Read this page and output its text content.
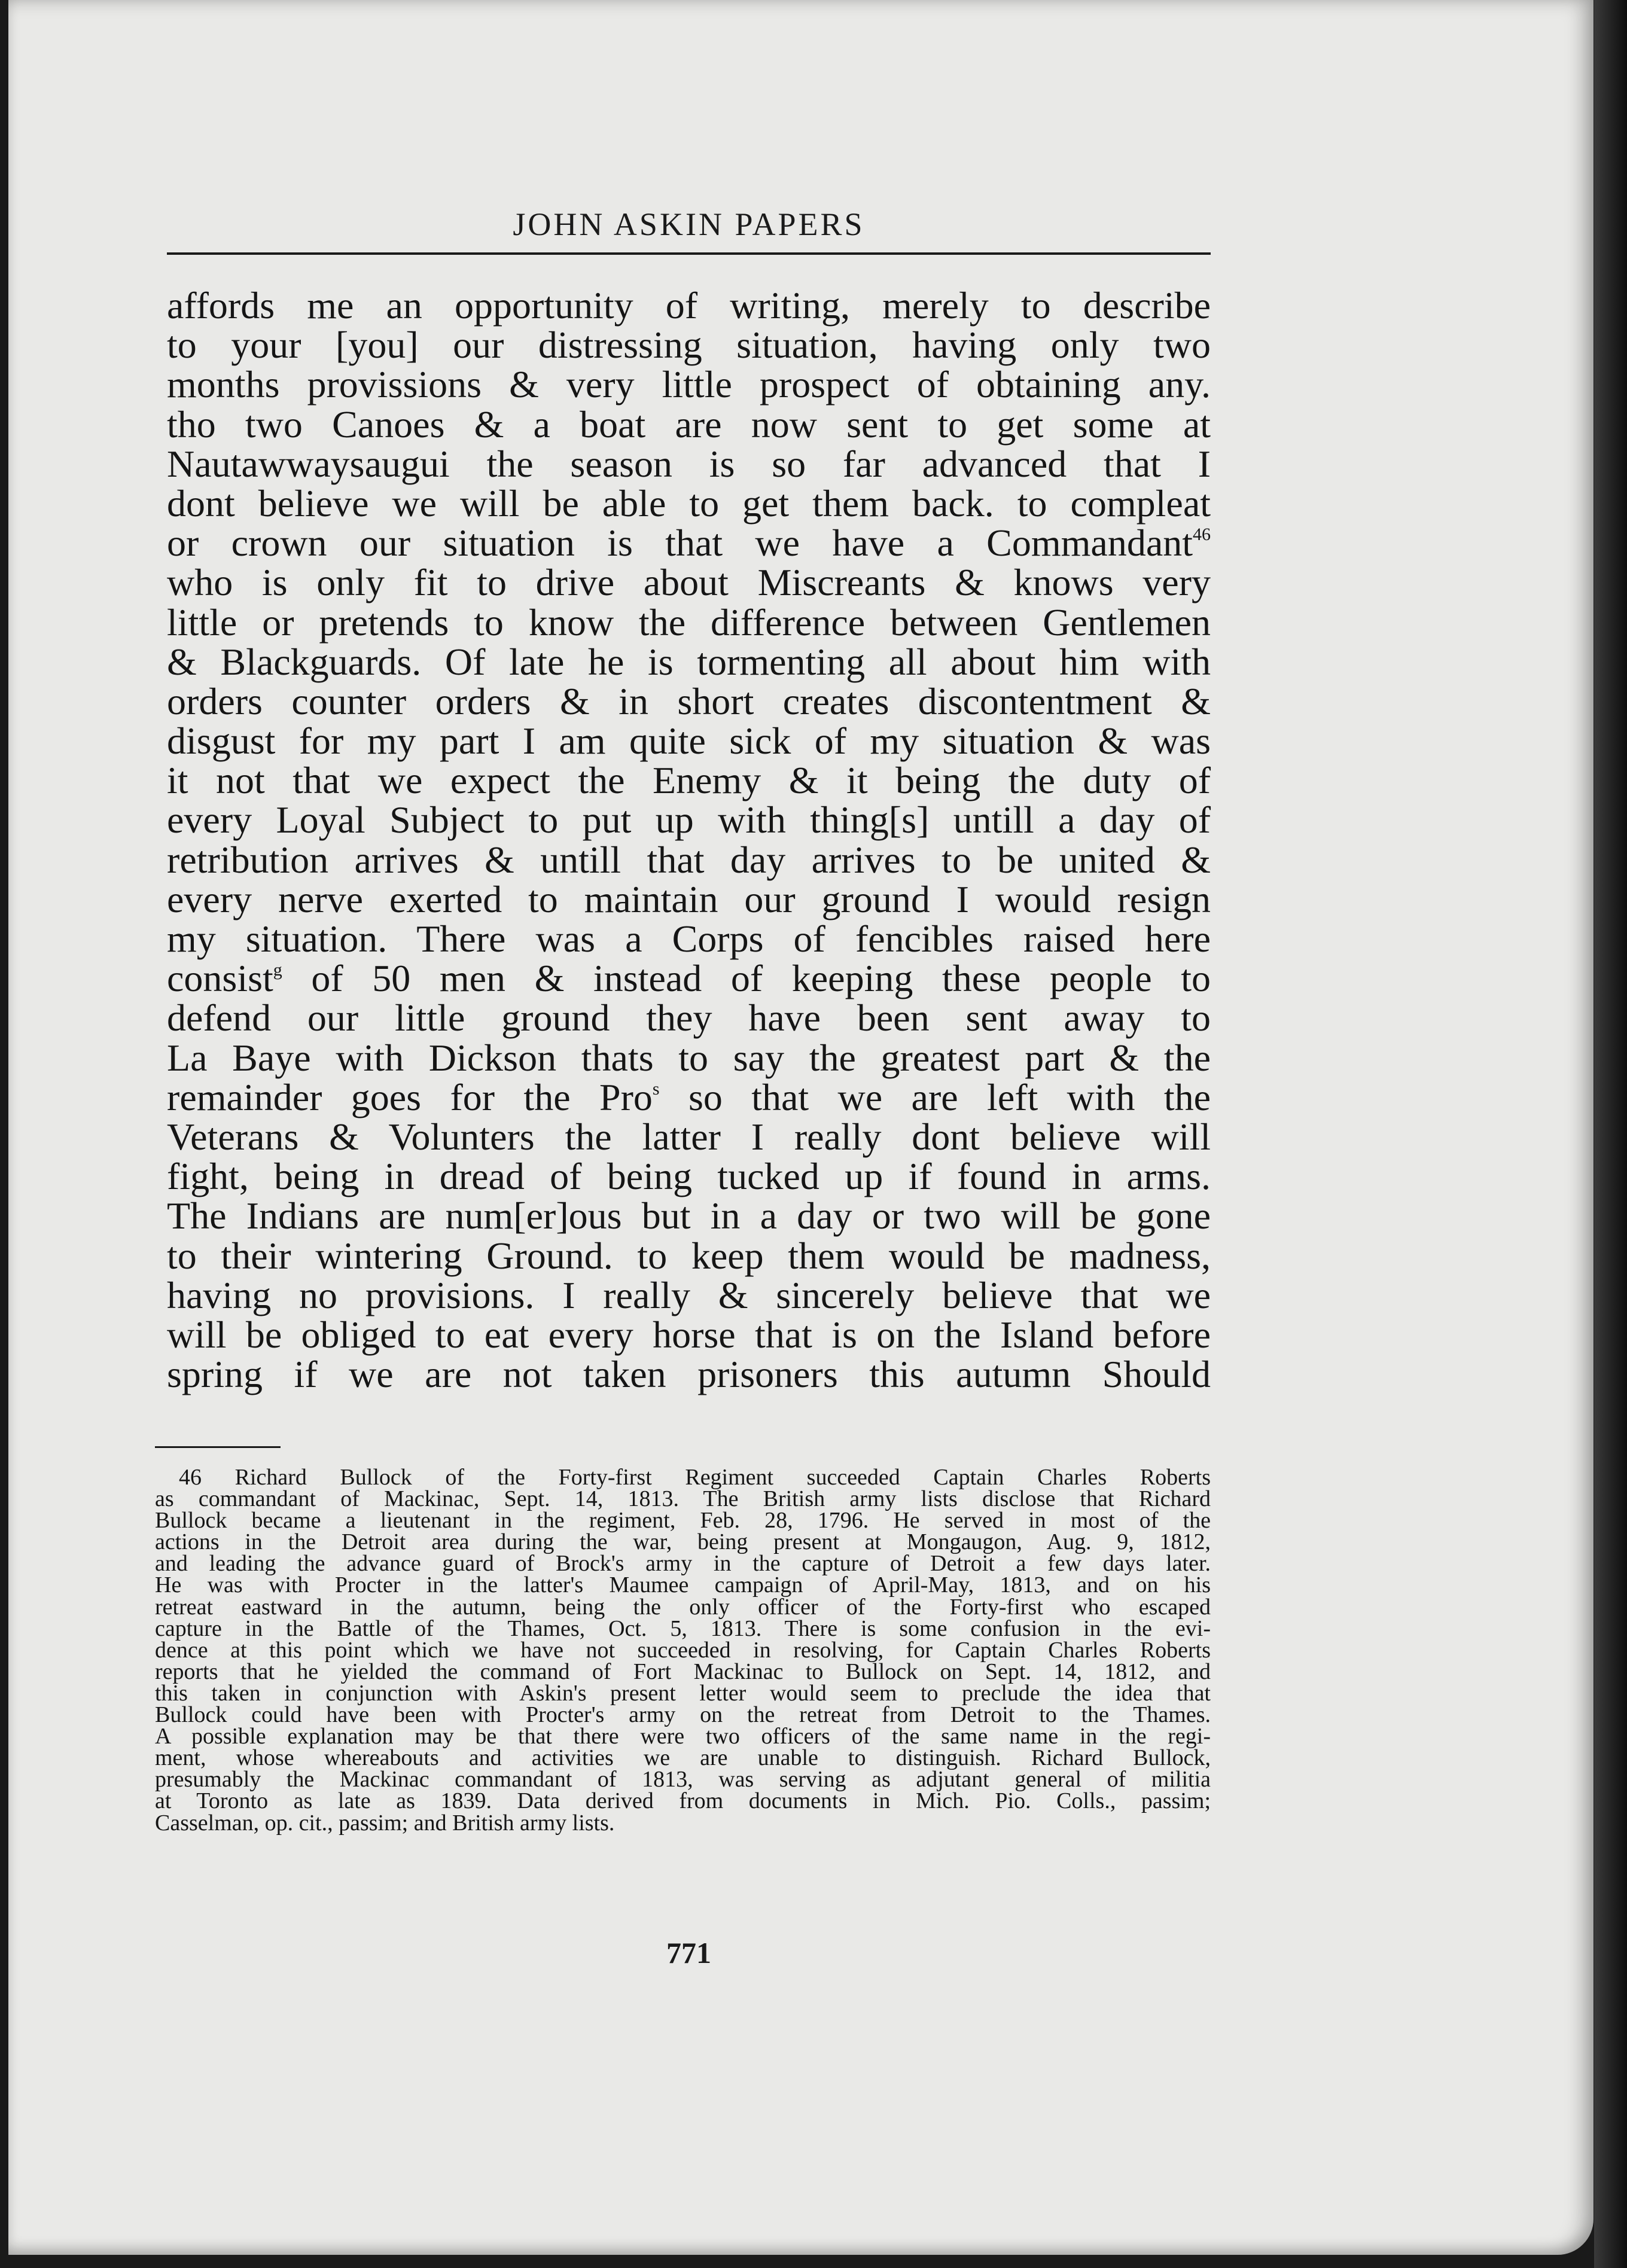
JOHN ASKIN PAPERS
affords me an opportunity of writing, merely to describe
to your [you] our distressing situation, having only two
months provissions & very little prospect of obtaining any.
tho two Canoes & a boat are now sent to get some at
Nautawwaysaugui the season is so far advanced that I
dont believe we will be able to get them back. to compleat
or crown our situation is that we have a Commandant$^{46}$
who is only fit to drive about Miscreants & knows very
little or pretends to know the difference between Gentlemen
& Blackguards. Of late he is tormenting all about him with
orders counter orders & in short creates discontentment &
disgust for my part I am quite sick of my situation & was
it not that we expect the Enemy & it being the duty of
every Loyal Subject to put up with thing[s] untill a day of
retribution arrives & untill that day arrives to be united &
every nerve exerted to maintain our ground I would resign
my situation. There was a Corps of fencibles raised here
consist$^g$ of 50 men & instead of keeping these people to
defend our little ground they have been sent away to
La Baye with Dickson thats to say the greatest part & the
remainder goes for the Pro$^s$ so that we are left with the
Veterans & Volunters the latter I really dont believe will
fight, being in dread of being tucked up if found in arms.
The Indians are num[er]ous but in a day or two will be gone
to their wintering Ground. to keep them would be madness,
having no provisions. I really & sincerely believe that we
will be obliged to eat every horse that is on the Island before
spring if we are not taken prisoners this autumn Should
46 Richard Bullock of the Forty-first Regiment succeeded Captain Charles Roberts
as commandant of Mackinac, Sept. 14, 1813. The British army lists disclose that Richard
Bullock became a lieutenant in the regiment, Feb. 28, 1796. He served in most of the
actions in the Detroit area during the war, being present at Mongaugon, Aug. 9, 1812,
and leading the advance guard of Brock's army in the capture of Detroit a few days later.
He was with Procter in the latter's Maumee campaign of April-May, 1813, and on his
retreat eastward in the autumn, being the only officer of the Forty-first who escaped
capture in the Battle of the Thames, Oct. 5, 1813. There is some confusion in the evi-
dence at this point which we have not succeeded in resolving, for Captain Charles Roberts
reports that he yielded the command of Fort Mackinac to Bullock on Sept. 14, 1812, and
this taken in conjunction with Askin's present letter would seem to preclude the idea that
Bullock could have been with Procter's army on the retreat from Detroit to the Thames.
A possible explanation may be that there were two officers of the same name in the regi-
ment, whose whereabouts and activities we are unable to distinguish. Richard Bullock,
presumably the Mackinac commandant of 1813, was serving as adjutant general of militia
at Toronto as late as 1839. Data derived from documents in Mich. Pio. Colls., passim;
Casselman, op. cit., passim; and British army lists.
771
